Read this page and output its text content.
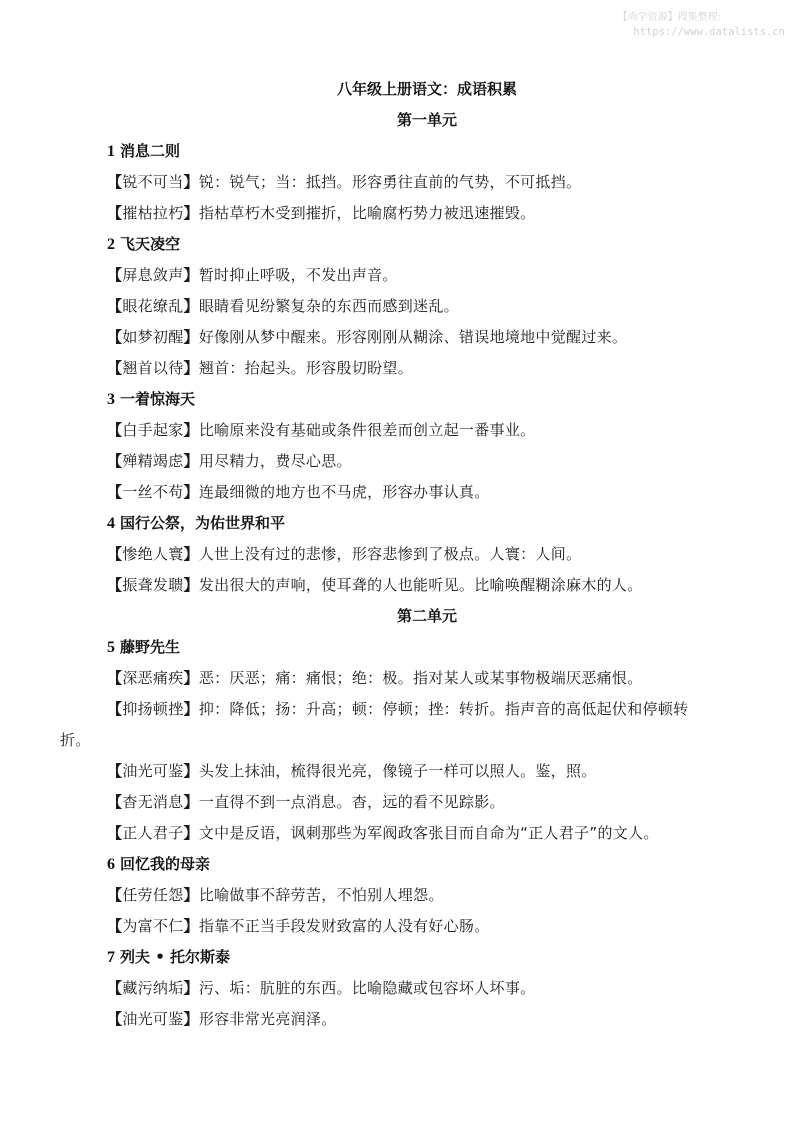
【尚学资源】搜集整理:
https://www.datalists.cn
八年级上册语文：成语积累
第一单元
1 消息二则
【锐不可当】锐：锐气；当：抵挡。形容勇往直前的气势，不可抵挡。
【摧枯拉朽】指枯草朽木受到摧折，比喻腐朽势力被迅速摧毁。
2 飞天凌空
【屏息敛声】暂时抑止呼吸，不发出声音。
【眼花缭乱】眼睛看见纷繁复杂的东西而感到迷乱。
【如梦初醒】好像刚从梦中醒来。形容刚刚从糊涂、错误地境地中觉醒过来。
【翘首以待】翘首：抬起头。形容殷切盼望。
3 一着惊海天
【白手起家】比喻原来没有基础或条件很差而创立起一番事业。
【殚精竭虑】用尽精力，费尽心思。
【一丝不苟】连最细微的地方也不马虎，形容办事认真。
4 国行公祭，为佑世界和平
【惨绝人寰】人世上没有过的悲惨，形容悲惨到了极点。人寰：人间。
【振聋发聩】发出很大的声响，使耳聋的人也能听见。比喻唤醒糊涂麻木的人。
第二单元
5 藤野先生
【深恶痛疾】恶：厌恶；痛：痛恨；绝：极。指对某人或某事物极端厌恶痛恨。
【抑扬顿挫】抑：降低；扬：升高；顿：停顿；挫：转折。指声音的高低起伏和停顿转
折。
【油光可鉴】头发上抹油，梳得很光亮，像镜子一样可以照人。鉴，照。
【杳无消息】一直得不到一点消息。杳，远的看不见踪影。
【正人君子】文中是反语，讽刺那些为军阀政客张目而自命为“正人君子”的文人。
6 回忆我的母亲
【任劳任怨】比喻做事不辞劳苦，不怕别人埋怨。
【为富不仁】指靠不正当手段发财致富的人没有好心肠。
7 列夫 • 托尔斯泰
【藏污纳垢】污、垢：肮脏的东西。比喻隐藏或包容坏人坏事。
【油光可鉴】形容非常光亮润泽。
